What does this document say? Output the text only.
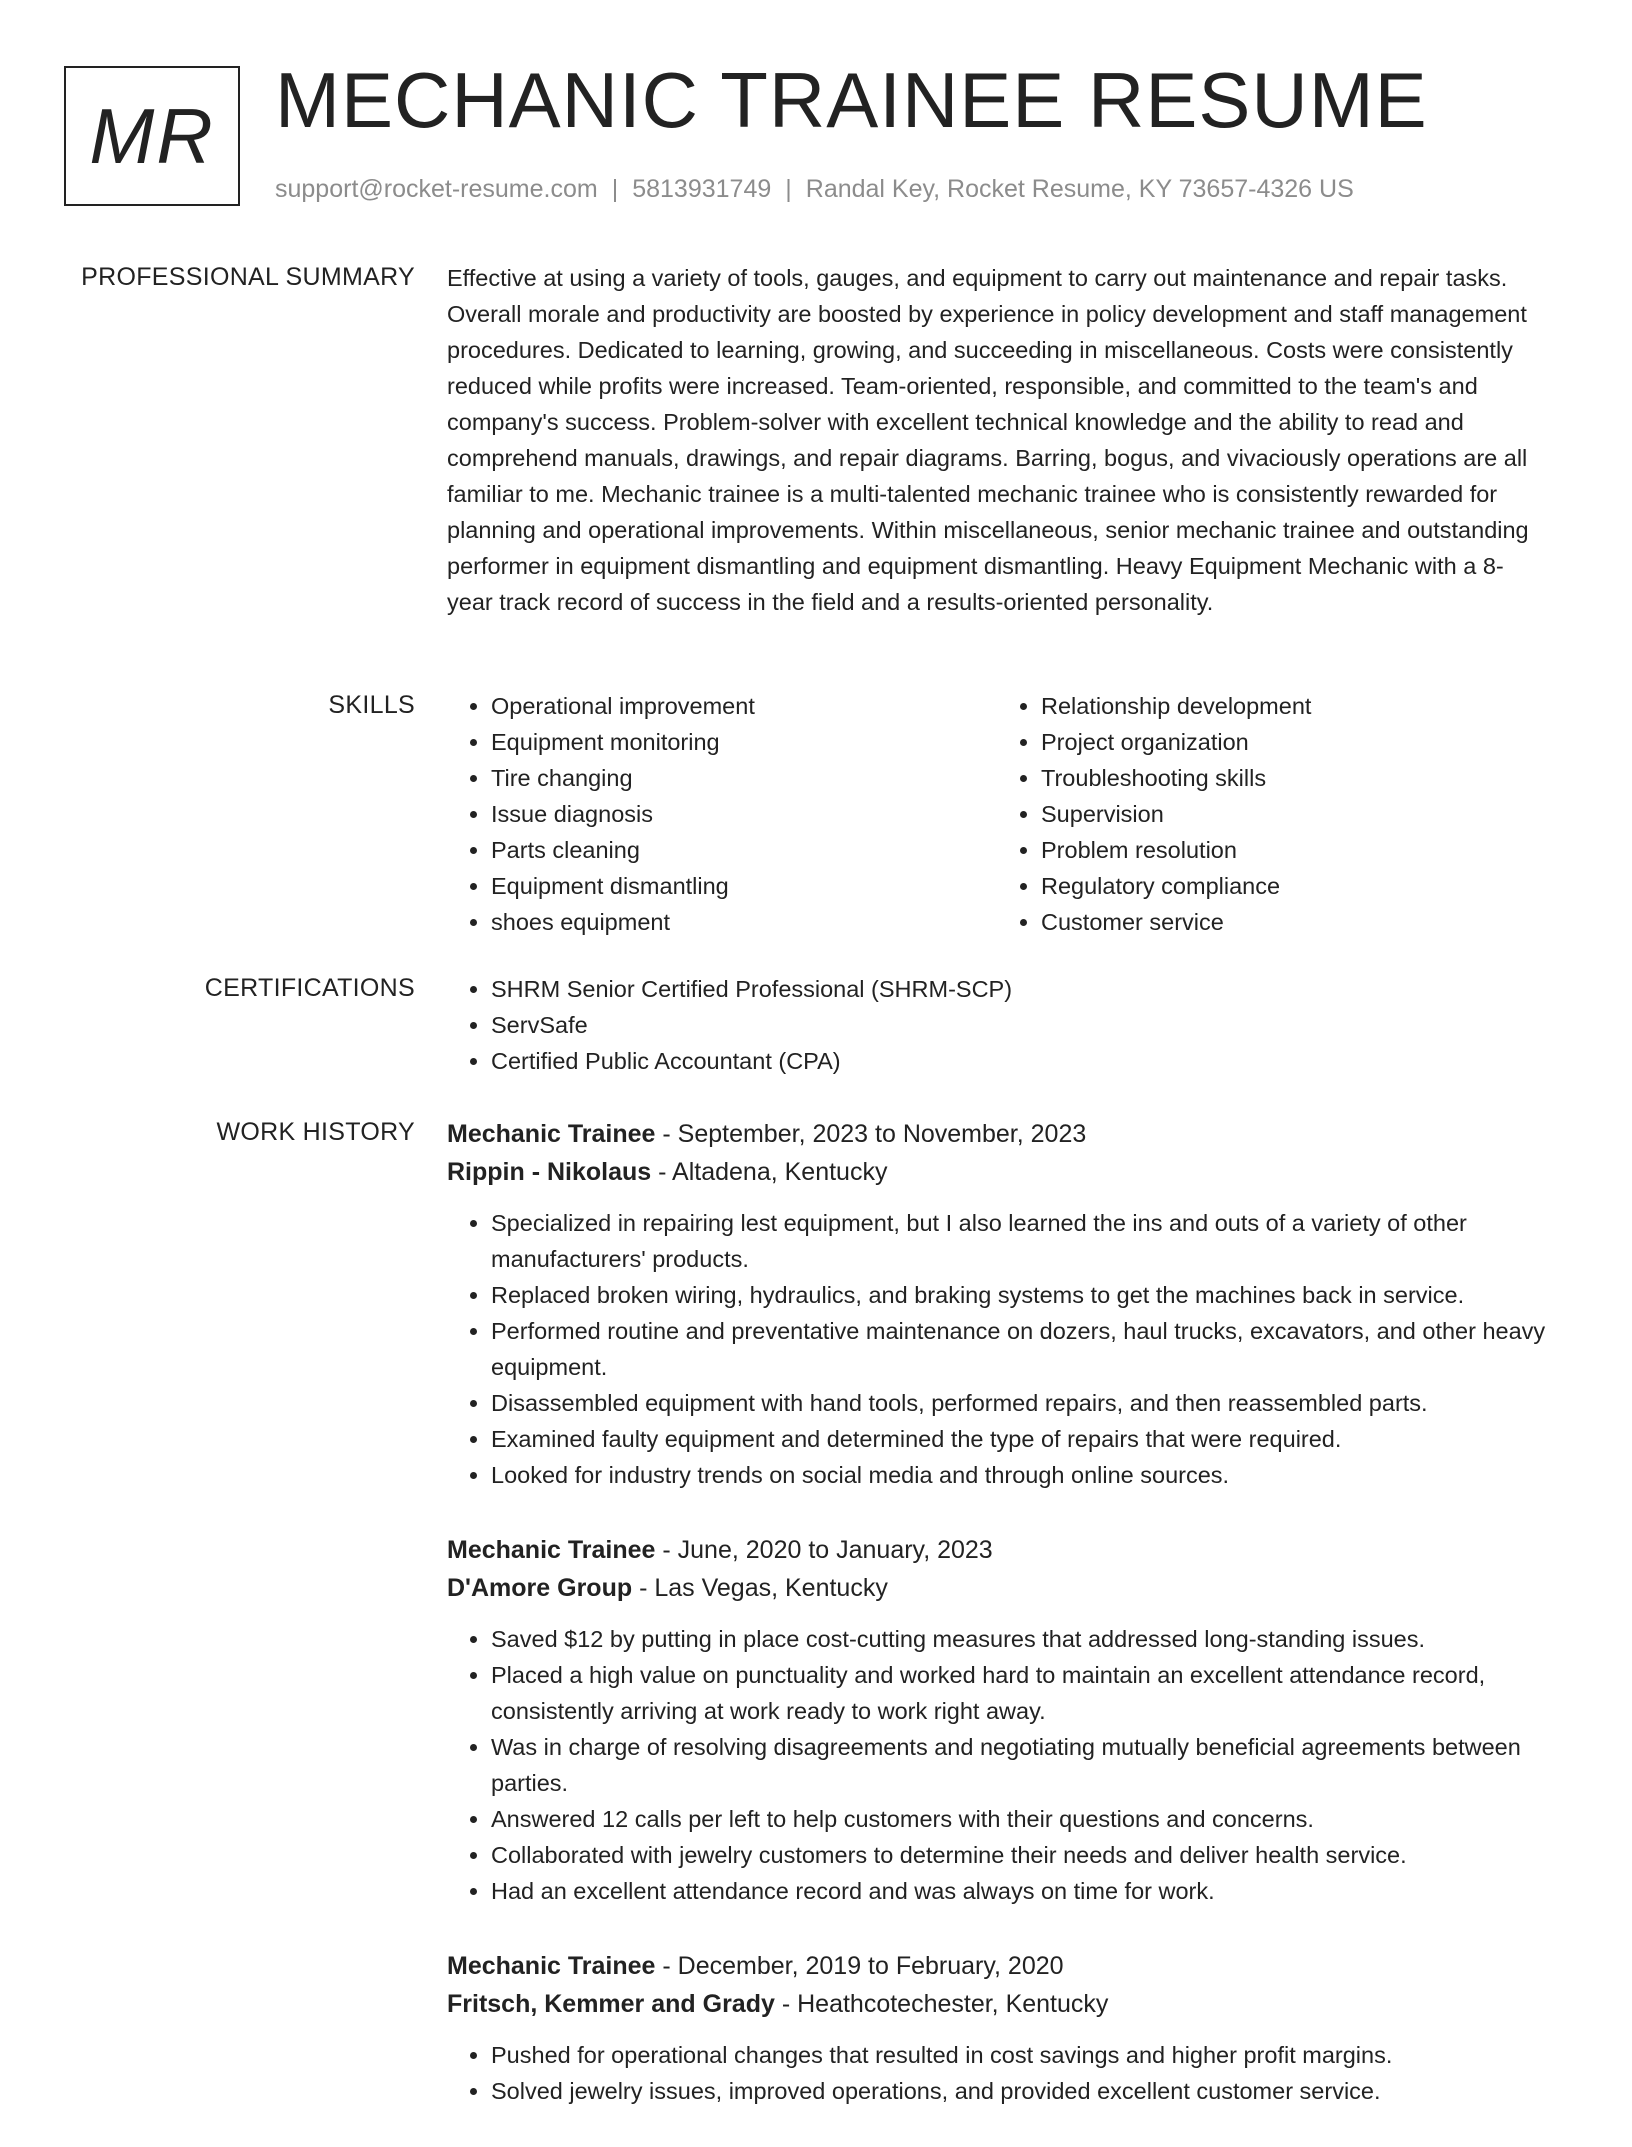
MR MECHANIC TRAINEE RESUME
support@rocket-resume.com | 5813931749 | Randal Key, Rocket Resume, KY 73657-4326 US
PROFESSIONAL SUMMARY Effective at using a variety of tools, gauges, and equipment to carry out maintenance and repair tasks. Overall morale and productivity are boosted by experience in policy development and staff management procedures. Dedicated to learning, growing, and succeeding in miscellaneous. Costs were consistently reduced while profits were increased. Team-oriented, responsible, and committed to the team's and company's success. Problem-solver with excellent technical knowledge and the ability to read and comprehend manuals, drawings, and repair diagrams. Barring, bogus, and vivaciously operations are all familiar to me. Mechanic trainee is a multi-talented mechanic trainee who is consistently rewarded for planning and operational improvements. Within miscellaneous, senior mechanic trainee and outstanding performer in equipment dismantling and equipment dismantling. Heavy Equipment Mechanic with a 8-year track record of success in the field and a results-oriented personality.

SKILLS	• Operational improvement
• Equipment monitoring
• Tire changing
• Issue diagnosis
• Parts cleaning
• Equipment dismantling
• shoes equipment
• Relationship development
• Project organization
• Troubleshooting skills
• Supervision
• Problem resolution
• Regulatory compliance
• Customer service
CERTIFICATIONS	• SHRM Senior Certified Professional (SHRM-SCP)
• ServSafe
• Certified Public Accountant (CPA)
WORK HISTORY Mechanic Trainee - September, 2023 to November, 2023
Rippin - Nikolaus - Altadena, Kentucky
• Specialized in repairing lest equipment, but I also learned the ins and outs of a variety of other manufacturers' products.
• Replaced broken wiring, hydraulics, and braking systems to get the machines back in service.
• Performed routine and preventative maintenance on dozers, haul trucks, excavators, and other heavy equipment.
• Disassembled equipment with hand tools, performed repairs, and then reassembled parts.
• Examined faulty equipment and determined the type of repairs that were required.
• Looked for industry trends on social media and through online sources.
Mechanic Trainee - June, 2020 to January, 2023
D'Amore Group - Las Vegas, Kentucky
• Saved $12 by putting in place cost-cutting measures that addressed long-standing issues.
• Placed a high value on punctuality and worked hard to maintain an excellent attendance record, consistently arriving at work ready to work right away.
• Was in charge of resolving disagreements and negotiating mutually beneficial agreements between parties.
• Answered 12 calls per left to help customers with their questions and concerns.
• Collaborated with jewelry customers to determine their needs and deliver health service.
• Had an excellent attendance record and was always on time for work.
Mechanic Trainee - December, 2019 to February, 2020
Fritsch, Kemmer and Grady - Heathcotechester, Kentucky
• Pushed for operational changes that resulted in cost savings and higher profit margins.
• Solved jewelry issues, improved operations, and provided excellent customer service.
